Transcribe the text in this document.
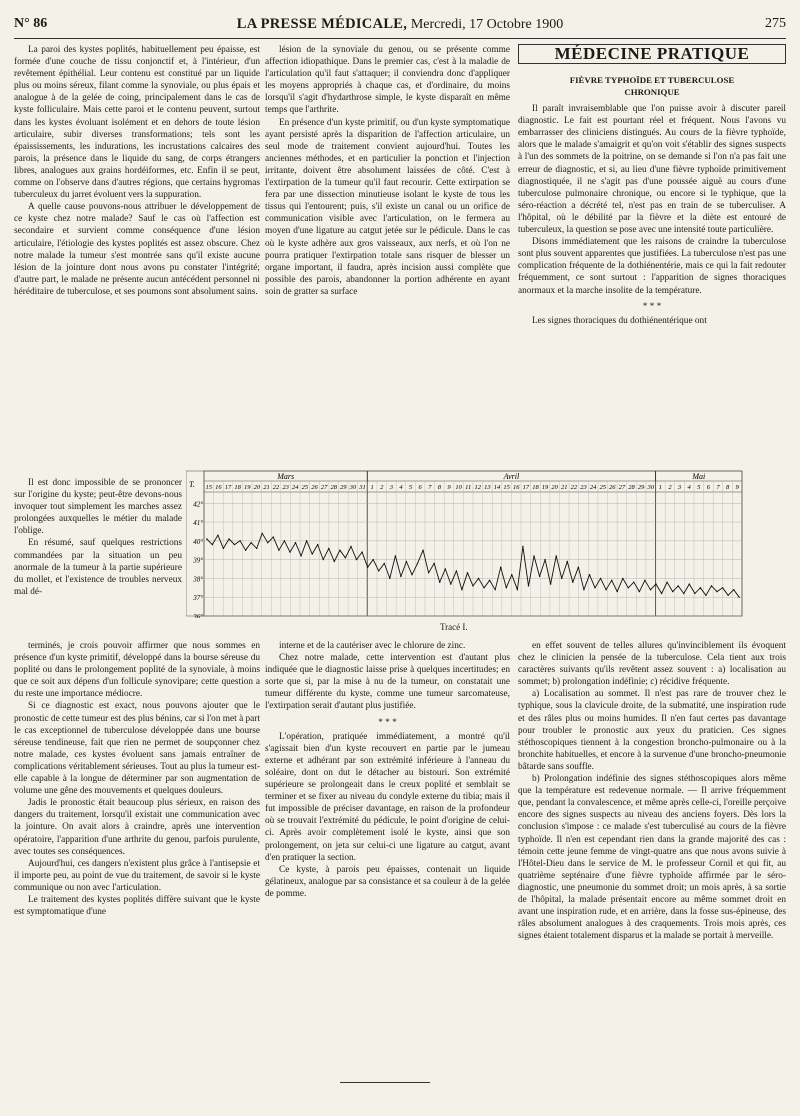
N° 86	LA PRESSE MÉDICALE, Mercredi, 17 Octobre 1900	275

La paroi des kystes poplités, habituellement peu épaisse, est formée d'une couche de tissu conjonctif et, à l'intérieur, d'un revêtement épithélial. Leur contenu est constitué par un liquide plus ou moins séreux, filant comme la synoviale, ou plus épais et analogue à de la gelée de coing, principalement dans le cas de kyste folliculaire. Mais cette paroi et le contenu peuvent, surtout dans les kystes évoluant isolément et en dehors de toute lésion articulaire, subir diverses transformations; tels sont les épaississements, les indurations, les incrustations calcaires des parois, la présence dans le liquide du sang, de corps étrangers libres, analogues aux grains hordéiformes, etc. Enfin il se peut, comme on l'observe dans d'autres régions, que certains hygromas tuberculeux du jarret évoluent vers la suppuration.

A quelle cause pouvons-nous attribuer le développement de ce kyste chez notre malade? Sauf le cas où l'affection est secondaire et survient comme conséquence d'une lésion articulaire, l'étiologie des kystes poplités est assez obscure. Chez notre malade la tumeur s'est montrée sans qu'il existe aucune lésion de la jointure dont nous avons pu constater l'intégrité; d'autre part, le malade ne présente aucun antécédent personnel ni héréditaire de tuberculose, et ses poumons sont absolument sains.

lésion de la synoviale du genou, ou se présente comme affection idiopathique. Dans le premier cas, c'est à la maladie de l'articulation qu'il faut s'attaquer; il conviendra donc d'appliquer les moyens appropriés à chaque cas, et d'ordinaire, du moins lorsqu'il s'agit d'hydarthrose simple, le kyste disparaît en même temps que l'arthrite.

En présence d'un kyste primitif, ou d'un kyste symptomatique ayant persisté après la disparition de l'affection articulaire, un seul mode de traitement convient aujourd'hui. Toutes les anciennes méthodes, et en particulier la ponction et l'injection irritante, doivent être absolument laissées de côté. C'est à l'extirpation de la tumeur qu'il faut recourir. Cette extirpation se fera par une dissection minutieuse isolant le kyste de tous les tissus qui l'entourent; puis, s'il existe un canal ou un orifice de communication visible avec l'articulation, on le fermera au moyen d'une ligature au catgut jetée sur le pédicule. Dans le cas où le kyste adhère aux gros vaisseaux, aux nerfs, et où l'on ne pourra pratiquer l'extirpation totale sans risquer de blesser un organe important, il faudra, après incision aussi complète que possible des parois, abandonner la portion adhérente en ayant soin de gratter sa surface

MÉDECINE PRATIQUE
FIÈVRE TYPHOÏDE ET TUBERCULOSE
CHRONIQUE

Il paraît invraisemblable que l'on puisse avoir à discuter pareil diagnostic. Le fait est pourtant réel et fréquent. Nous l'avons vu embarrasser des cliniciens distingués. Au cours de la fièvre typhoïde, alors que le malade s'amaigrit et qu'on voit s'établir des signes suspects à l'un des sommets de la poitrine, on se demande si l'on n'a pas fait une erreur de diagnostic, et si, au lieu d'une fièvre typhoïde primitivement diagnostiquée, il ne s'agit pas d'une poussée aiguë au cours d'une tuberculose pulmonaire chronique, ou encore si le typhique, que la séro-réaction a décrété tel, n'est pas en train de se tuberculiser. A l'hôpital, où le débilité par la fièvre et la diète est entouré de tuberculeux, la question se pose avec une intensité toute particulière.

Disons immédiatement que les raisons de craindre la tuberculose sont plus souvent apparentes que justifiées. La tuberculose n'est pas une complication fréquente de la dothiénentérie, mais ce qui la fait redouter fréquemment, ce sont surtout : l'apparition de signes thoraciques anormaux et la marche insolite de la température.

* * *

Les signes thoraciques du dothiénentérique ont

Il est donc impossible de se prononcer sur l'origine du kyste; peut-être devons-nous invoquer tout simplement les marches assez prolongées auxquelles le métier du malade l'oblige.

En résumé, sauf quelques restrictions commandées par la situation un peu anormale de la tumeur à la partie supérieure du mollet, et l'existence de troubles nerveux mal dé-

T.
Mars	Avril	Mai
15 16 17 18 19 20 21 22 23 24 25 26 27 28 29 30 31 1 2 3 4 5 6 7 8 9 10 11 12 13 14 15 16 17 18 19 20 21 22 23 24 25 26 27 28 29 30 1 2 3 4 5 6 7 8 9
36°
37°
38°
39°
40°
41°
42°
Tracé I.

terminés, je crois pouvoir affirmer que nous sommes en présence d'un kyste primitif, développé dans la bourse séreuse du poplité ou dans le prolongement poplité de la synoviale, à moins que ce soit aux dépens d'un follicule synovipare; cette question a du reste une importance médiocre.

Si ce diagnostic est exact, nous pouvons ajouter que le pronostic de cette tumeur est des plus bénins, car si l'on met à part le cas exceptionnel de tuberculose développée dans une bourse séreuse tendineuse, fait que rien ne permet de soupçonner chez notre malade, ces kystes évoluent sans jamais entraîner de complications véritablement sérieuses. Tout au plus la tumeur est-elle capable à la longue de déterminer par son augmentation de volume une gêne des mouvements et quelques douleurs.

Jadis le pronostic était beaucoup plus sérieux, en raison des dangers du traitement, lorsqu'il existait une communication avec la jointure. On avait alors à craindre, après une intervention opératoire, l'apparition d'une arthrite du genou, parfois purulente, avec toutes ses conséquences.

Aujourd'hui, ces dangers n'existent plus grâce à l'antisepsie et il importe peu, au point de vue du traitement, de savoir si le kyste communique ou non avec l'articulation.

Le traitement des kystes poplités diffère suivant que le kyste est symptomatique d'une

interne et de la cautériser avec le chlorure de zinc.

Chez notre malade, cette intervention est d'autant plus indiquée que le diagnostic laisse prise à quelques incertitudes; en sorte que si, par la mise à nu de la tumeur, on constatait une tumeur différente du kyste, comme une tumeur sarcomateuse, l'extirpation serait d'autant plus justifiée.

* * *

L'opération, pratiquée immédiatement, a montré qu'il s'agissait bien d'un kyste recouvert en partie par le jumeau externe et adhérant par son extrémité inférieure à l'anneau du soléaire, dont on dut le détacher au bistouri. Son extrémité supérieure se prolongeait dans le creux poplité et semblait se terminer et se fixer au niveau du condyle externe du tibia; mais il fut impossible de préciser davantage, en raison de la profondeur où se trouvait l'extrémité du pédicule, le point d'origine de celui-ci. Après avoir complètement isolé le kyste, ainsi que son prolongement, on jeta sur celui-ci une ligature au catgut, avant d'en pratiquer la section.

Ce kyste, à parois peu épaisses, contenait un liquide gélatineux, analogue par sa consistance et sa couleur à de la gelée de pomme.

en effet souvent de telles allures qu'invinciblement ils évoquent chez le clinicien la pensée de la tuberculose. Cela tient aux trois caractères suivants qu'ils revêtent assez souvent : a) localisation au sommet; b) prolongation indéfinie; c) récidive fréquente.

a) Localisation au sommet. Il n'est pas rare de trouver chez le typhique, sous la clavicule droite, de la submatité, une inspiration rude et des râles plus ou moins humides. Il n'en faut certes pas davantage pour troubler le pronostic aux yeux du praticien. Ces signes stéthoscopiques tiennent à la congestion broncho-pulmonaire ou à la bronchite habituelles, et encore à la survenue d'une broncho-pneumonie bâtarde sans souffle.

b) Prolongation indéfinie des signes stéthoscopiques alors même que la température est redevenue normale. — Il arrive fréquemment que, pendant la convalescence, et même après celle-ci, l'oreille perçoive encore des signes suspects au niveau des anciens foyers. Dès lors la conclusion s'impose : ce malade s'est tuberculisé au cours de la fièvre typhoïde. Il n'en est cependant rien dans la grande majorité des cas : témoin cette jeune femme de vingt-quatre ans que nous avons suivie à l'Hôtel-Dieu dans le service de M. le professeur Cornil et qui fit, au quatrième septénaire d'une fièvre typhoïde affirmée par le séro-diagnostic, une pneumonie du sommet droit; un mois après, à sa sortie de l'hôpital, la malade présentait encore au même sommet droit en avant une inspiration rude, et en arrière, dans la fosse sus-épineuse, des râles absolument analogues à des craquements. Trois mois après, ces signes étaient totalement disparus et la malade se portait à merveille.
